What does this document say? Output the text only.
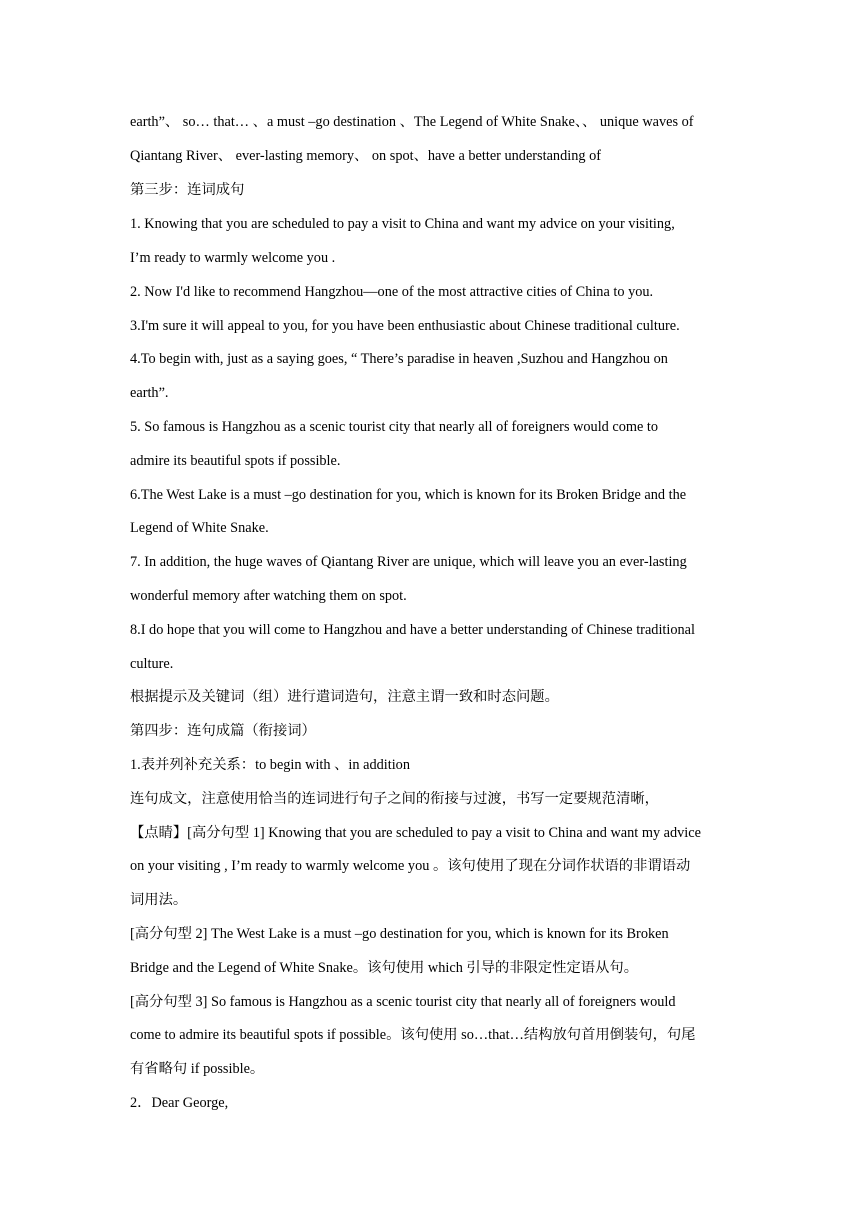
earth”、 so… that… 、a must –go destination 、The Legend of White Snake、、 unique waves of
Qiantang River、 ever-lasting memory、 on spot、have a better understanding of
第三步：连词成句
1. Knowing that you are scheduled to pay a visit to China and want my advice on your visiting,
I’m ready to warmly welcome you .
2. Now I'd like to recommend Hangzhou—one of the most attractive cities of China to you.
3.I'm sure it will appeal to you, for you have been enthusiastic about Chinese traditional culture.
4.To begin with, just as a saying goes, “ There’s paradise in heaven ,Suzhou and Hangzhou on
earth”.
5. So famous is Hangzhou as a scenic tourist city that nearly all of foreigners would come to
admire its beautiful spots if possible.
6.The West Lake is a must –go destination for you, which is known for its Broken Bridge and the
Legend of White Snake.
7. In addition, the huge waves of Qiantang River are unique, which will leave you an ever-lasting
wonderful memory after watching them on spot.
8.I do hope that you will come to Hangzhou and have a better understanding of Chinese traditional
culture.
根据提示及关键词（组）进行遣词造句，注意主谓一致和时态问题。
第四步：连句成篇（衔接词）
1.表并列补充关系：to begin with 、in addition
连句成文，注意使用恰当的连词进行句子之间的衔接与过渡，书写一定要规范清晰，
【点睛】[高分句型 1] Knowing that you are scheduled to pay a visit to China and want my advice
on your visiting , I’m ready to warmly welcome you 。该句使用了现在分词作状语的非谓语动
词用法。
[高分句型 2] The West Lake is a must –go destination for you, which is known for its Broken
Bridge and the Legend of White Snake。该句使用 which 引导的非限定性定语从句。
[高分句型 3] So famous is Hangzhou as a scenic tourist city that nearly all of foreigners would
come to admire its beautiful spots if possible。该句使用 so…that…结构放句首用倒装句，句尾
有省略句 if possible。
2．Dear George,
